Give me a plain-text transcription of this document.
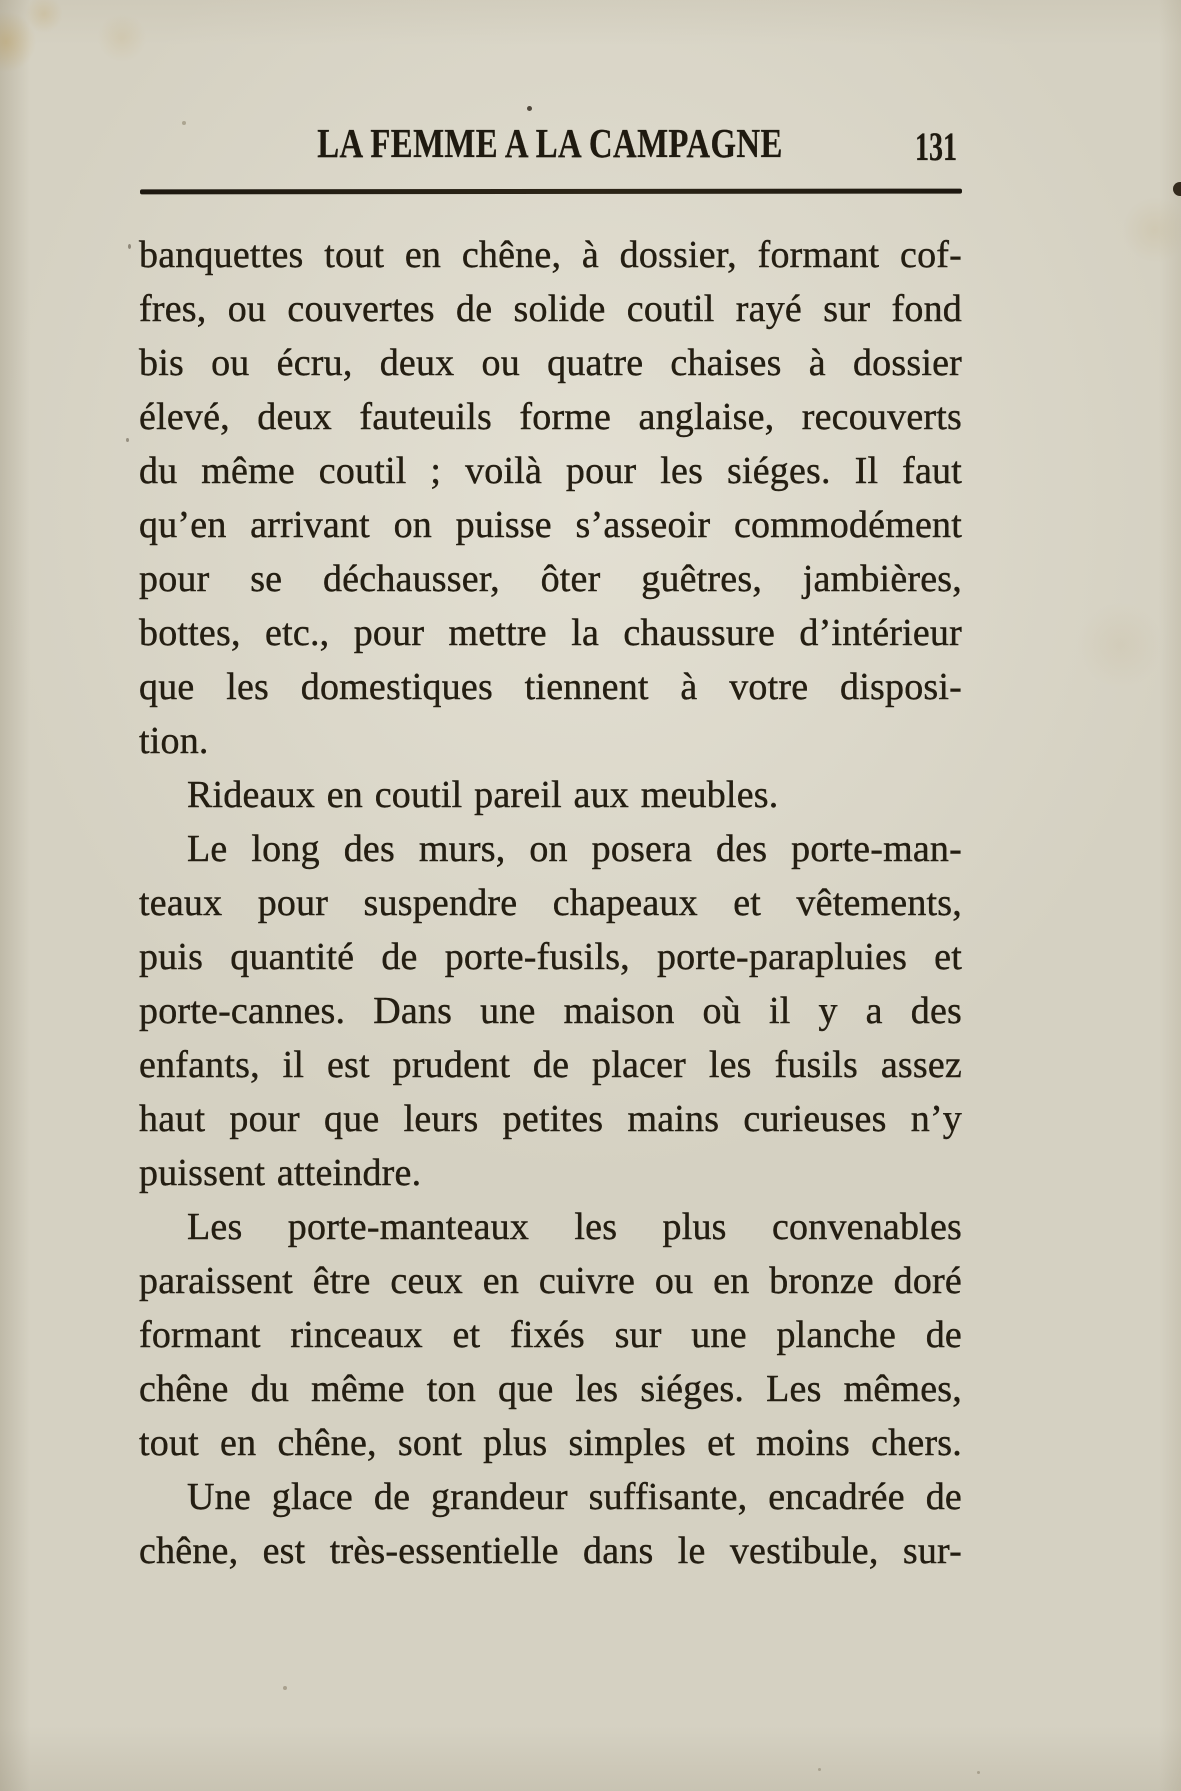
LA FEMME A LA CAMPAGNE	131
banquettes tout en chêne, à dossier, formant cof-
fres, ou couvertes de solide coutil rayé sur fond
bis ou écru, deux ou quatre chaises à dossier
élevé, deux fauteuils forme anglaise, recouverts
du même coutil ; voilà pour les siéges. Il faut
qu’en arrivant on puisse s’asseoir commodément
pour se déchausser, ôter guêtres, jambières,
bottes, etc., pour mettre la chaussure d’intérieur
que les domestiques tiennent à votre disposi-
tion.
Rideaux en coutil pareil aux meubles.
Le long des murs, on posera des porte-man-
teaux pour suspendre chapeaux et vêtements,
puis quantité de porte-fusils, porte-parapluies et
porte-cannes. Dans une maison où il y a des
enfants, il est prudent de placer les fusils assez
haut pour que leurs petites mains curieuses n’y
puissent atteindre.
Les porte-manteaux les plus convenables
paraissent être ceux en cuivre ou en bronze doré
formant rinceaux et fixés sur une planche de
chêne du même ton que les siéges. Les mêmes,
tout en chêne, sont plus simples et moins chers.
Une glace de grandeur suffisante, encadrée de
chêne, est très-essentielle dans le vestibule, sur-
